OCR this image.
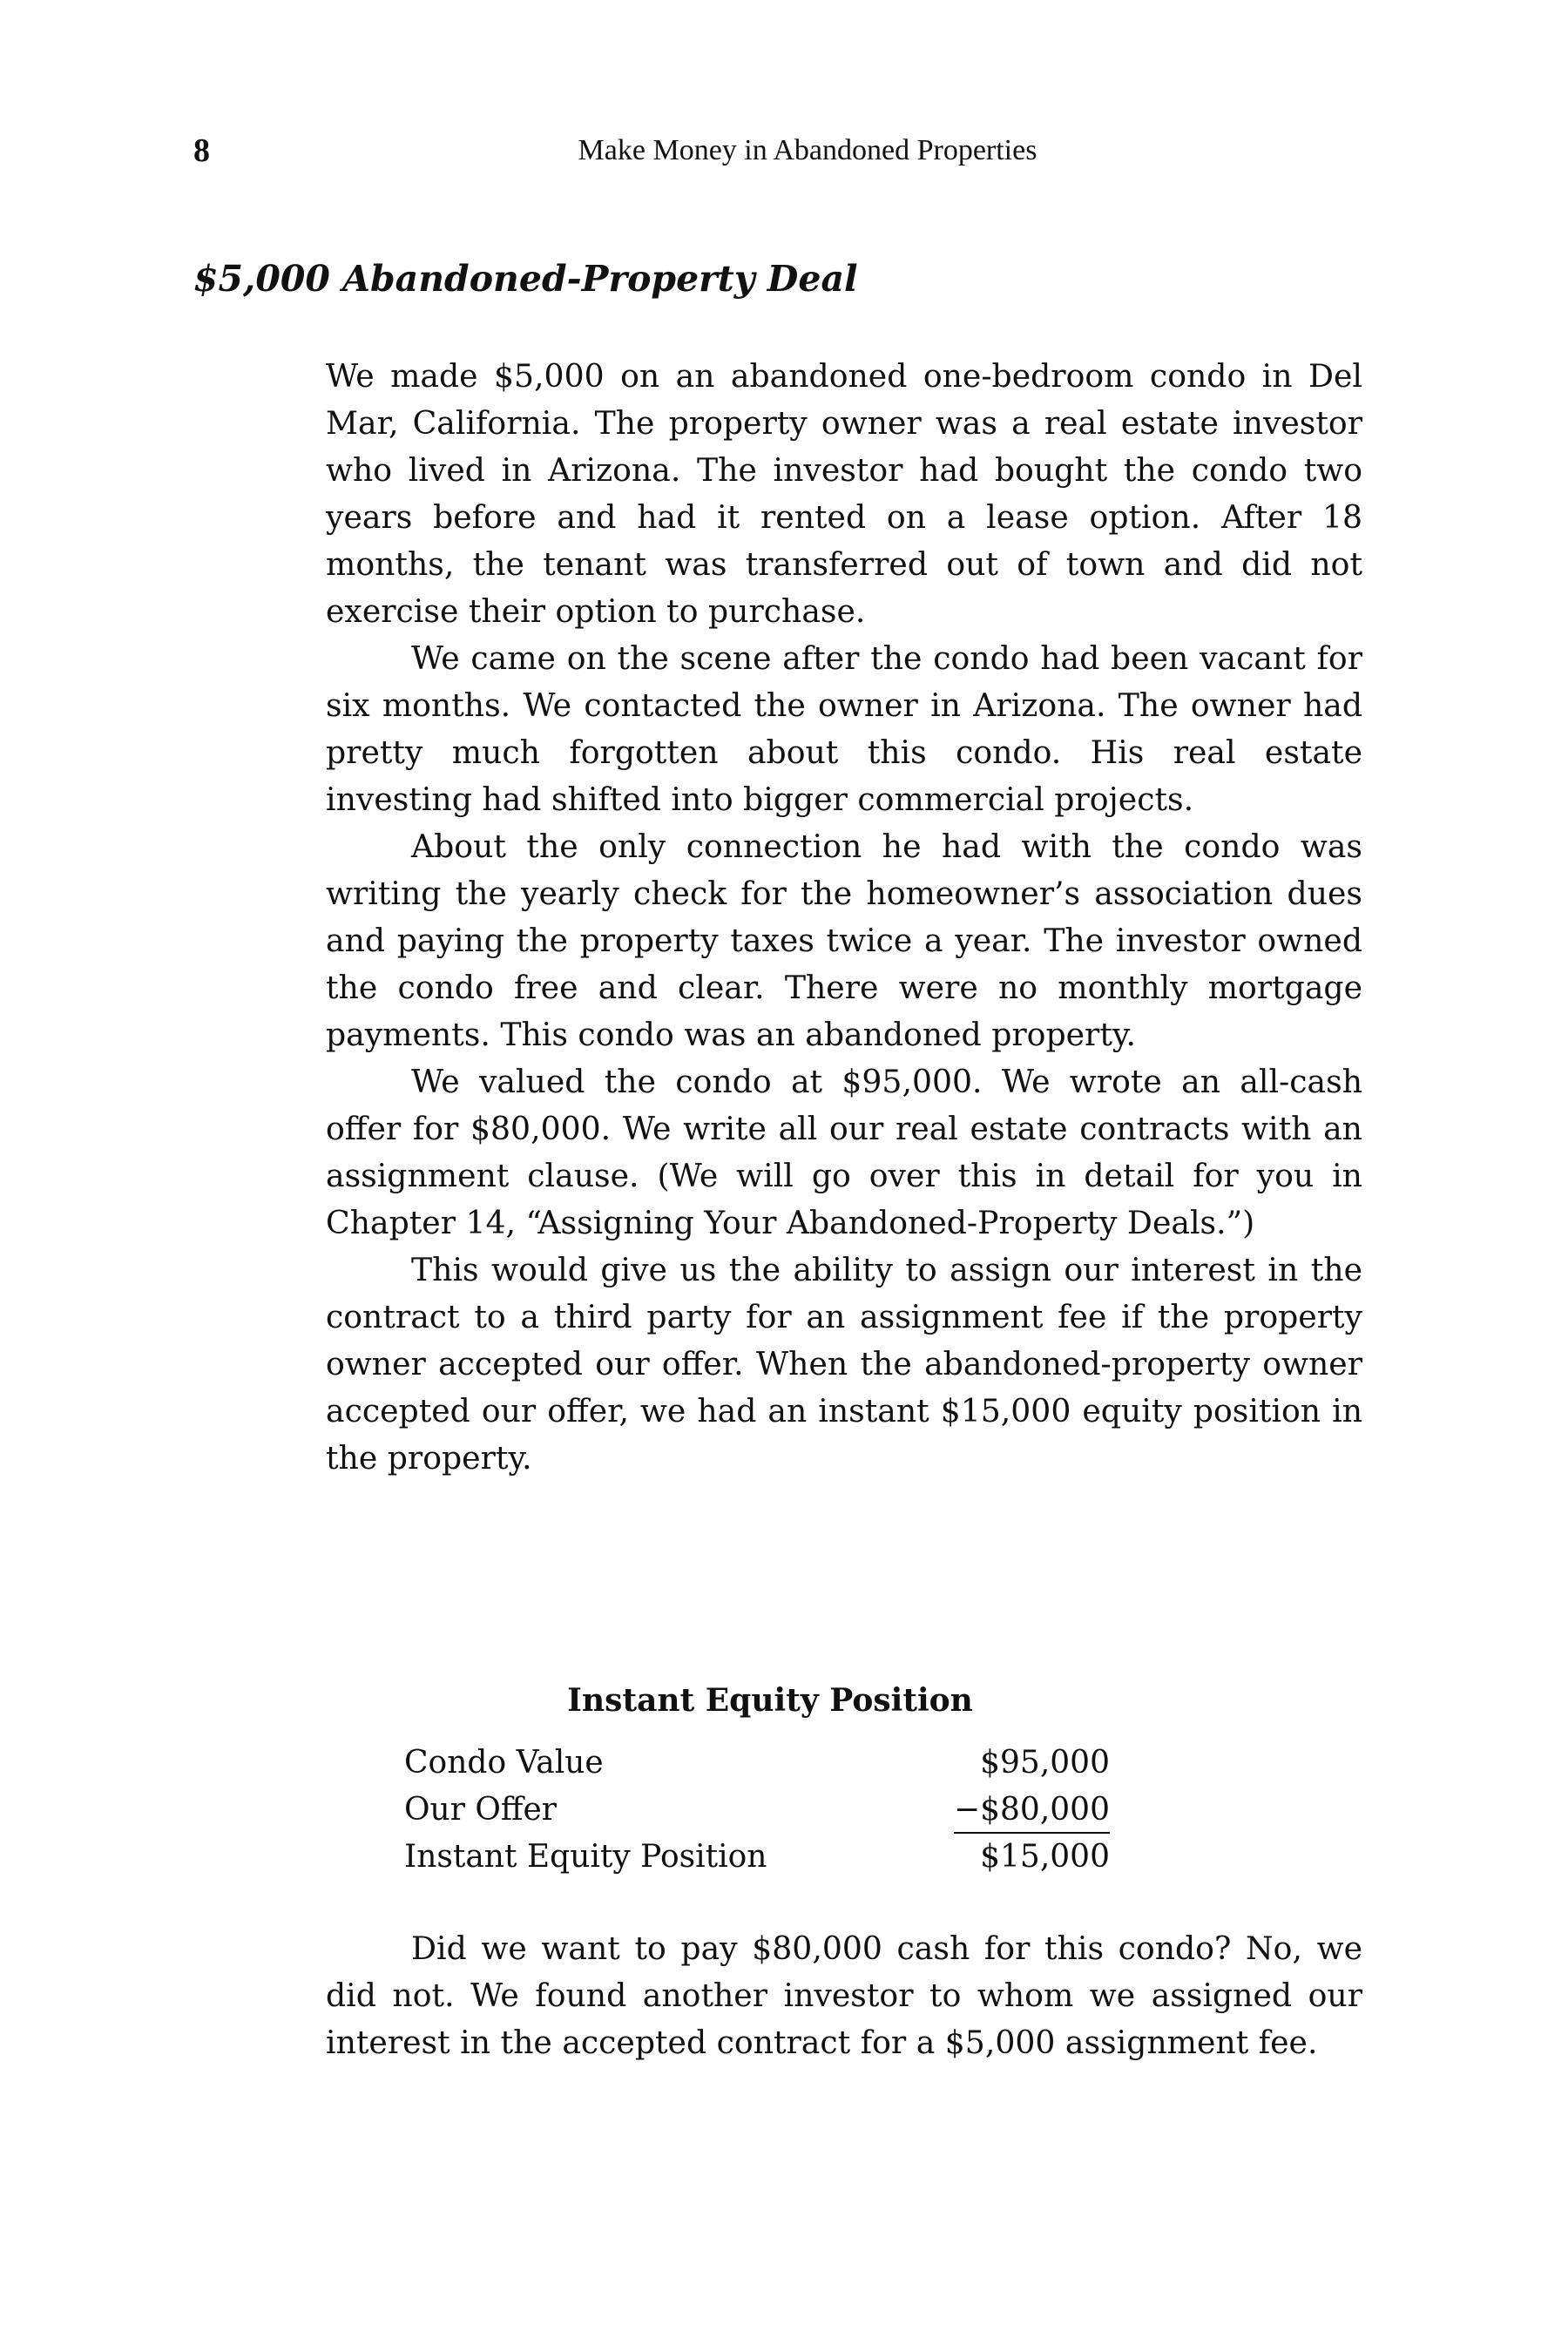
8	Make Money in Abandoned Properties
$5,000 Abandoned-Property Deal

We made $5,000 on an abandoned one-bedroom condo in Del Mar, California. The property owner was a real estate investor who lived in Arizona. The investor had bought the condo two years before and had it rented on a lease option. After 18 months, the tenant was transferred out of town and did not exercise their option to purchase.

We came on the scene after the condo had been vacant for six months. We contacted the owner in Arizona. The owner had pretty much forgotten about this condo. His real estate investing had shifted into bigger commercial projects.

About the only connection he had with the condo was writing the yearly check for the homeowner’s association dues and paying the property taxes twice a year. The investor owned the condo free and clear. There were no monthly mortgage payments. This condo was an abandoned property.

We valued the condo at $95,000. We wrote an all-cash offer for $80,000. We write all our real estate contracts with an assignment clause. (We will go over this in detail for you in Chapter 14, “Assigning Your Abandoned-Property Deals.”)

This would give us the ability to assign our interest in the contract to a third party for an assignment fee if the property owner accepted our offer. When the abandoned-property owner accepted our offer, we had an instant $15,000 equity position in the property.

Instant Equity Position
Condo Value	$95,000
Our Offer	−$80,000
Instant Equity Position	$15,000

Did we want to pay $80,000 cash for this condo? No, we did not. We found another investor to whom we assigned our interest in the accepted contract for a $5,000 assignment fee.
